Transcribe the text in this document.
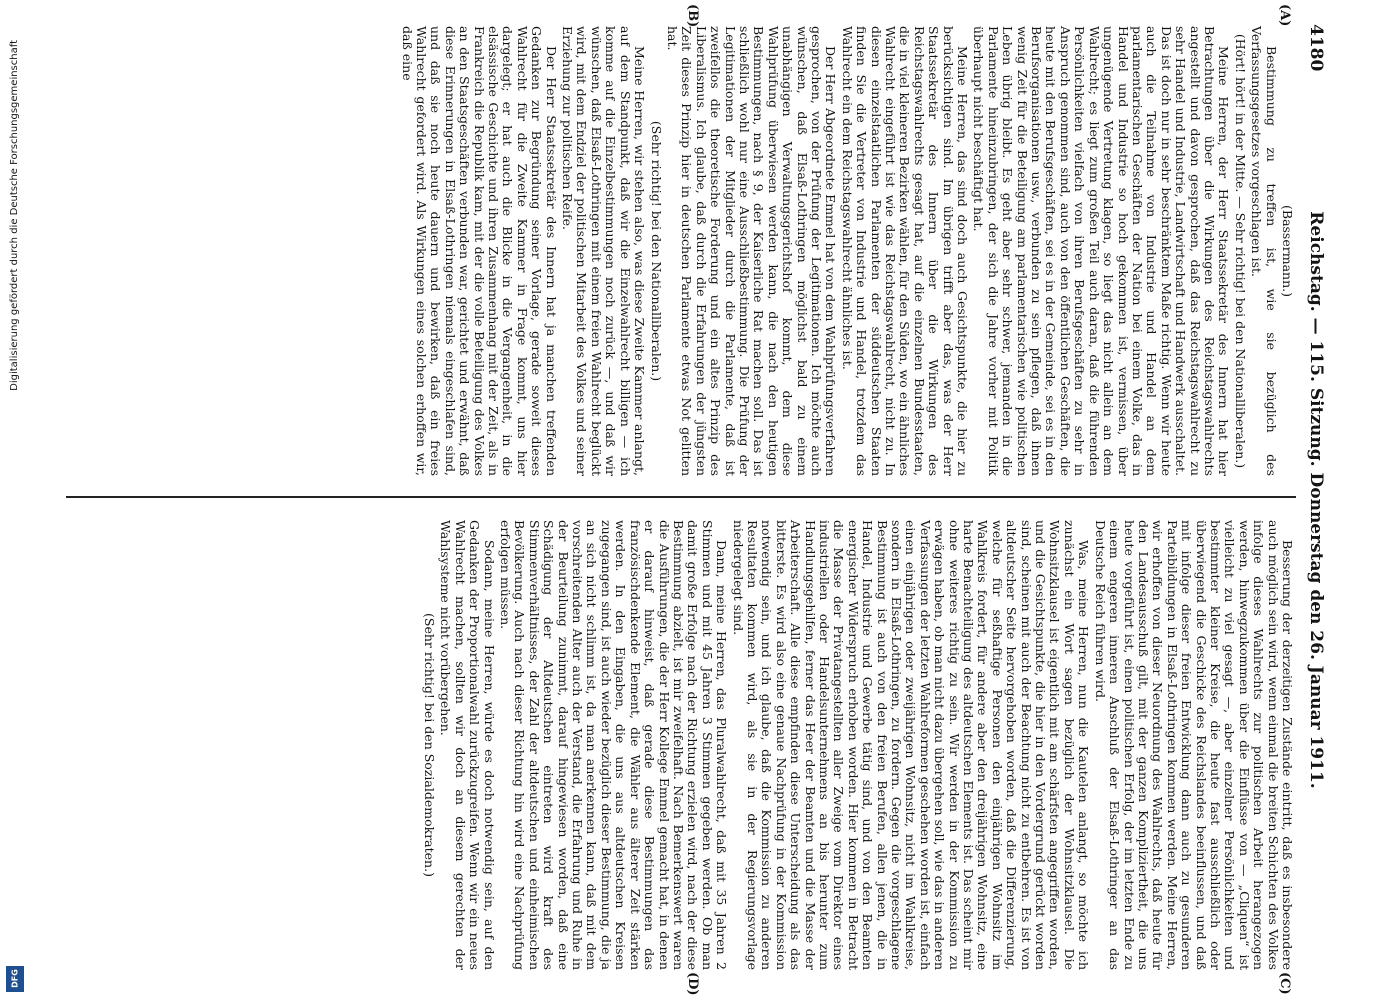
Digitalisierung gefördert durch die Deutsche Forschungsgemeinschaft
DFG
4180
Reichstag. — 115. Sitzung. Donnerstag den 26. Januar 1911.
(A)
(B)
(C)
(D)

(Bassermann.)

Bestimmung zu treffen ist, wie sie bezüglich des Verfassungsgesetzes vorgeschlagen ist.

(Hört! hört! in der Mitte. — Sehr richtig! bei den Nationalliberalen.)

Meine Herren, der Herr Staatssekretär des Innern hat hier Betrachtungen über die Wirkungen des Reichstagswahlrechts angestellt und davon gesprochen, daß das Reichstagswahlrecht zu sehr Handel und Industrie, Landwirtschaft und Handwerk ausschaltet. Das ist doch nur in sehr beschränktem Maße richtig. Wenn wir heute auch die Teilnahme von Industrie und Handel an dem parlamentarischen Geschäften der Nation bei einem Volke, das in Handel und Industrie so hoch gekommen ist, vermissen, über ungenügende Vertretung klagen, so liegt das nicht allein an dem Wahlrecht; es liegt zum großen Teil auch daran, daß die führenden Persönlichkeiten vielfach von ihren Berufsgeschäften zu sehr in Anspruch genommen sind, auch von den öffentlichen Geschäften, die heute mit den Berufsgeschäften, sei es in der Gemeinde, sei es in den Berufsorganisationen usw., verbunden zu sein pflegen, daß ihnen wenig Zeit für die Beteiligung am parlamentarischen wie politischen Leben übrig bleibt. Es geht aber sehr schwer, jemanden in die Parlamente hineinzubringen, der sich die Jahre vorher mit Politik überhaupt nicht beschäftigt hat.

Meine Herren, das sind doch auch Gesichtspunkte, die hier zu berücksichtigen sind. Im übrigen trifft aber das, was der Herr Staatssekretär des Innern über die Wirkungen des Reichstagswahlrechts gesagt hat, auf die einzelnen Bundesstaaten, die in viel kleineren Bezirken wählen, für den Süden, wo ein ähnliches Wahlrecht eingeführt ist wie das Reichstagswahlrecht, nicht zu. In diesen einzelstaatlichen Parlamenten der süddeutschen Staaten finden Sie die Vertreter von Industrie und Handel, trotzdem das Wahlrecht ein dem Reichstagswahlrecht ähnliches ist.

Der Herr Abgeordnete Emmel hat von dem Wahlprüfungsverfahren gesprochen, von der Prüfung der Legitimationen. Ich möchte auch wünschen, daß Elsaß-Lothringen möglichst bald zu einem unabhängigen Verwaltungsgerichtshof kommt, dem diese Wahlprüfung überwiesen werden kann, die nach den heutigen Bestimmungen, nach § 9, der Kaiserliche Rat machen soll. Das ist schließlich wohl nur eine Ausschließbestimmung. Die Prüfung der Legitimationen der Mitglieder durch die Parlamente, daß ist zweifellos die theoretische Forderung und ein altes Prinzip des Liberalismus. Ich glaube, daß durch die Erfahrungen der jüngsten Zeit dieses Prinzip hier in deutschen Parlamente etwas Not gelitten hat.

(Sehr richtig! bei den Nationalliberalen.)

Meine Herren, wir stehen also, was diese Zweite Kammer anlangt, auf dem Standpunkt, daß wir die Einzelwahlrecht billigen — ich komme auf die Einzelbestimmungen noch zurück —, und daß wir wünschen, daß Elsaß-Lothringen mit einem freien Wahlrecht beglückt wird, mit dem Endziel der politischen Mitarbeit des Volkes und seiner Erziehung zur politischen Reife.

Der Herr Staatssekretär des Innern hat ja manchen treffenden Gedanken zur Begründung seiner Vorlage, gerade soweit dieses Wahlrecht für die Zweite Kammer in Frage kommt, uns hier dargelegt; er hat auch die Blicke in die Vergangenheit, in die elsässische Geschichte und ihren Zusammenhang mit der Zeit, als in Frankreich die Republik kam, mit der die volle Beteiligung des Volkes an den Staatsgeschäften verbunden war, gerichtet und erwähnt, daß diese Erinnerungen in Elsaß-Lothringen niemals eingeschlafen sind, und daß sie noch heute dauern und bewirken, daß ein freies Wahlrecht gefordert wird. Als Wirkungen eines solchen erhoffen wir, daß eine

Besserung der derzeitigen Zustände eintritt, daß es insbesondere auch möglich sein wird, wenn einmal die breiten Schichten des Volkes infolge dieses Wahlrechts zur politischen Arbeit herangezogen werden, hinwegzukommen über die Einflüsse von — „Cliquen“ ist vielleicht zu viel gesagt —, aber einzelner Persönlichkeiten und bestimmter kleiner Kreise, die heute fast ausschließlich oder überwiegend die Geschicke des Reichslandes beeinflussen, und daß mit infolge dieser freien Entwicklung dann auch zu gesunderen Parteibildungen in Elsaß-Lothringen kommen werden. Meine Herren, wir erhoffen von dieser Neuordnung des Wahlrechts, daß heute für den Landesausschuß gilt, mit der ganzen Kompliziertheit, die uns heute vorgeführt ist, einen politischen Erfolg, der im letzten Ende zu einem engeren inneren Anschluß der Elsaß-Lothringer an das Deutsche Reich führen wird.

Was, meine Herren, nun die Kautelen anlangt, so möchte ich zunächst ein Wort sagen bezüglich der Wohnsitzklausel. Die Wohnsitzklausel ist eigentlich mit am schärfsten angegriffen worden, und die Gesichtspunkte, die hier in den Vordergrund gerückt worden sind, scheinen mit auch der Beachtung nicht zu entbehren. Es ist von altdeutscher Seite hervorgehoben worden, daß die Differenzierung, welche für seßhaftige Personen den einjährigen Wohnsitz im Wahlkreis fordert, für andere aber den dreijährigen Wohnsitz, eine harte Benachteiligung des altdeutschen Elements ist. Das scheint mir ohne weiteres richtig zu sein. Wir werden in der Kommission zu erwägen haben, ob man nicht dazu übergehen soll, wie das in anderen Verfassungen der letzten Wahlreformen geschehen worden ist, einfach einen einjährigen oder zweijährigen Wohnsitz, nicht im Wahlkreise, sondern in Elsaß-Lothringen, zu fordern. Gegen die vorgeschlagene Bestimmung ist auch von den freien Berufen, allen jenen, die in Handel, Industrie und Gewerbe tätig sind, und von den Beamten energischer Widerspruch erhoben worden. Hier kommen in Betracht die Masse der Privatangestellten aller Zweige vom Direktor eines industriellen oder Handelsunternehmens an bis herunter zum Handlungsgehilfen, ferner das Heer der Beamten und die Masse der Arbeiterschaft. Alle diese empfinden diese Unterscheidung als das bitterste. Es wird also eine genaue Nachprüfung in der Kommission notwendig sein, und ich glaube, daß die Kommission zu anderen Resultaten kommen wird, als sie in der Regierungsvorlage niedergelegt sind.

Dann, meine Herren, das Pluralwahlrecht, daß mit 35 Jahren 2 Stimmen und mit 45 Jahren 3 Stimmen gegeben werden. Ob man damit große Erfolge nach der Richtung erzielen wird, nach der diese Bestimmung abzielt, ist mir zweifelhaft. Nach Bemerkenswert waren die Ausführungen, die der Herr Kollege Emmel gemacht hat, in denen er darauf hinweist, daß gerade diese Bestimmungen das französischdenkende Element, die Wähler aus älterer Zeit stärken werden. In den Eingaben, die uns aus altdeutschen Kreisen zugegangen sind, ist auch wieder bezüglich dieser Bestimmung, die ja an sich nicht schlimm ist, da man anerkennen kann, daß mit dem vorschreitenden Alter auch der Verstand, die Erfahrung und Ruhe in der Beurteilung zunimmt, darauf hingewiesen worden, daß eine Schädigung der Altdeutschen eintreten wird kraft des Stimmenverhältnisses, der Zahl der altdeutschen und einheimischen Bevölkerung. Auch nach dieser Richtung hin wird eine Nachprüfung erfolgen müssen.

Sodann, meine Herren, würde es doch notwendig sein, auf den Gedanken der Proportionalwahl zurückzugreifen. Wenn wir ein neues Wahlrecht machen, sollten wir doch an diesem gerechten der Wahlsysteme nicht vorübergehen.

(Sehr richtig! bei den Sozialdemokraten.)
